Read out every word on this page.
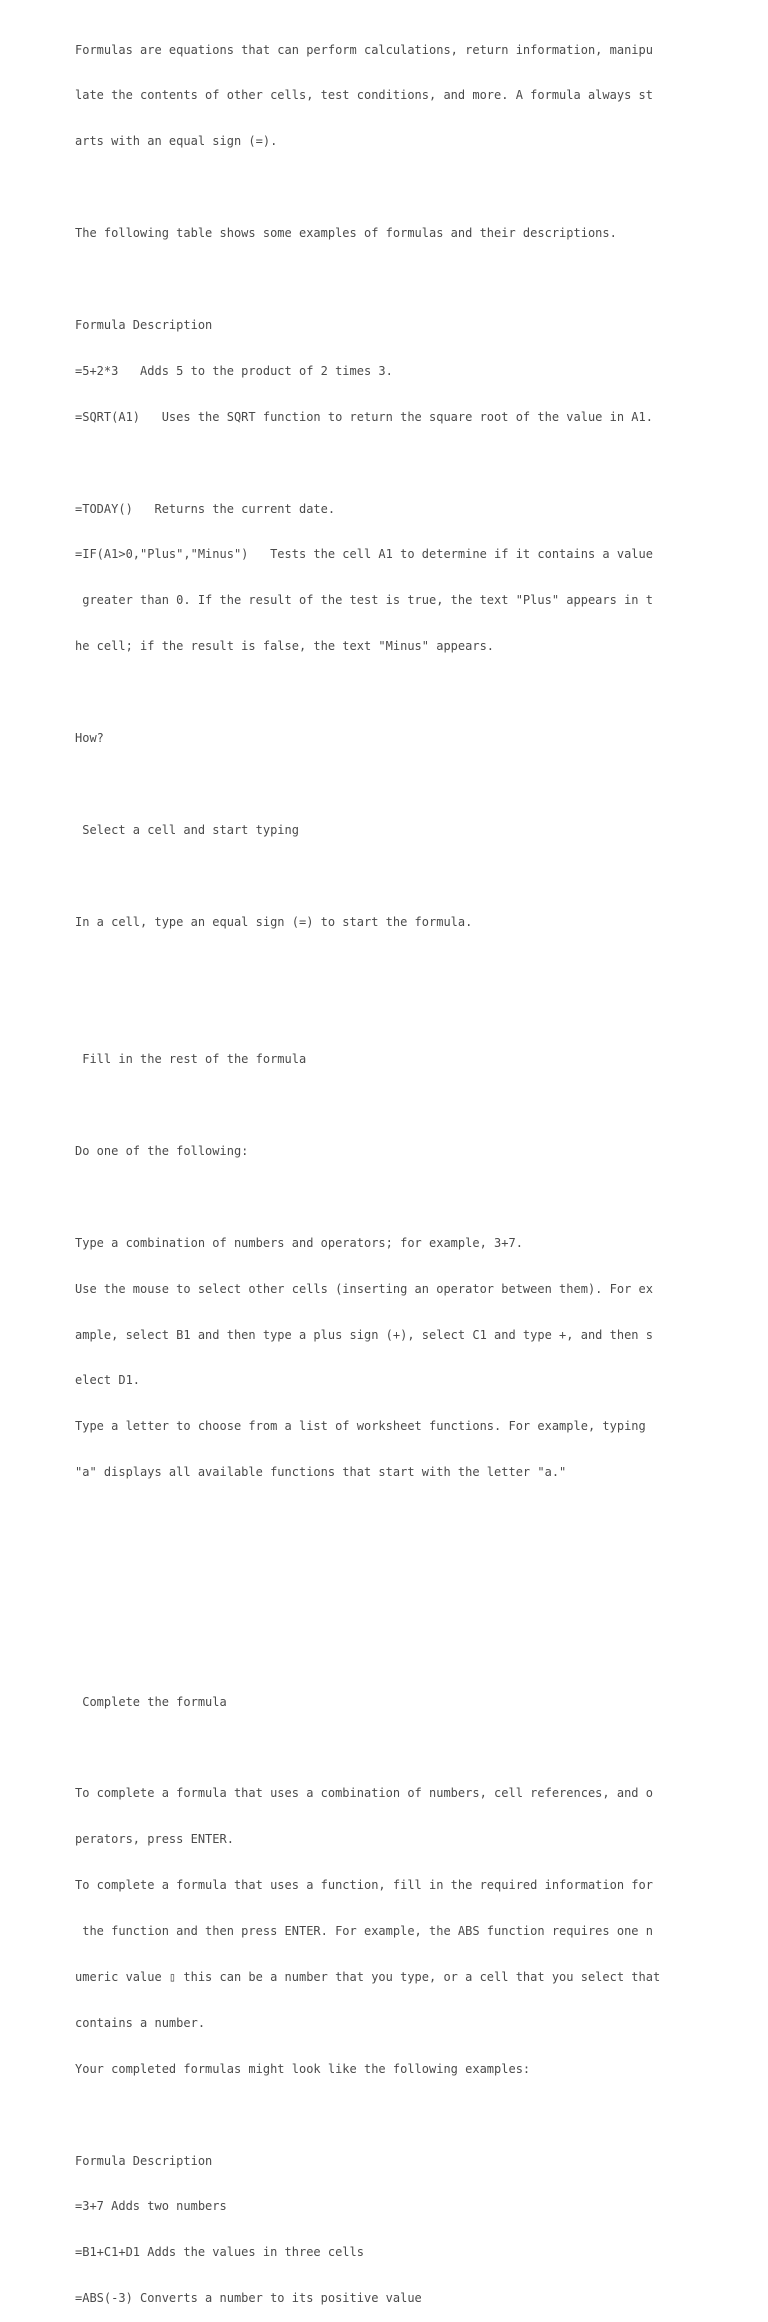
Formulas are equations that can perform calculations, return information, manipu

late the contents of other cells, test conditions, and more. A formula always st

arts with an equal sign (=).

The following table shows some examples of formulas and their descriptions.

Formula Description

=5+2*3   Adds 5 to the product of 2 times 3.

=SQRT(A1)   Uses the SQRT function to return the square root of the value in A1.

=TODAY()   Returns the current date.

=IF(A1>0,"Plus","Minus")   Tests the cell A1 to determine if it contains a value

greater than 0. If the result of the test is true, the text "Plus" appears in t

he cell; if the result is false, the text "Minus" appears.

How?

Select a cell and start typing

In a cell, type an equal sign (=) to start the formula.

Fill in the rest of the formula

Do one of the following:

Type a combination of numbers and operators; for example, 3+7.

Use the mouse to select other cells (inserting an operator between them). For ex

ample, select B1 and then type a plus sign (+), select C1 and type +, and then s

elect D1.

Type a letter to choose from a list of worksheet functions. For example, typing

"a" displays all available functions that start with the letter "a."

Complete the formula

To complete a formula that uses a combination of numbers, cell references, and o

perators, press ENTER.

To complete a formula that uses a function, fill in the required information for

the function and then press ENTER. For example, the ABS function requires one n

umeric value ▯ this can be a number that you type, or a cell that you select that

contains a number.

Your completed formulas might look like the following examples:

Formula Description

=3+7 Adds two numbers

=B1+C1+D1 Adds the values in three cells

=ABS(-3) Converts a number to its positive value
